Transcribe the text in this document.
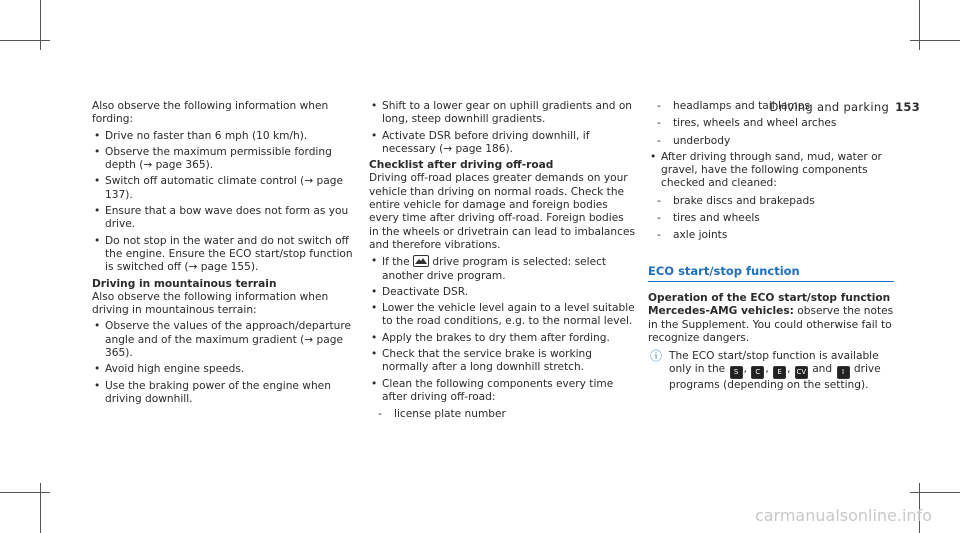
Driving and parking 153

Also observe the following information when fording:

• Drive no faster than 6 mph (10 km/h).
• Observe the maximum permissible fording depth (→ page 365).
• Switch off automatic climate control (→ page 137).
• Ensure that a bow wave does not form as you drive.
• Do not stop in the water and do not switch off the engine. Ensure the ECO start/stop function is switched off (→ page 155).

Driving in mountainous terrain

Also observe the following information when driving in mountainous terrain:

• Observe the values of the approach/departure angle and of the maximum gradient (→ page 365).
• Avoid high engine speeds.
• Use the braking power of the engine when driving downhill.
• Shift to a lower gear on uphill gradients and on long, steep downhill gradients.
• Activate DSR before driving downhill, if necessary (→ page 186).

Checklist after driving off-road

Driving off-road places greater demands on your vehicle than driving on normal roads. Check the entire vehicle for damage and foreign bodies every time after driving off-road. Foreign bodies in the wheels or drivetrain can lead to imbalances and therefore vibrations.

• If the drive program is selected: select another drive program.
• Deactivate DSR.
• Lower the vehicle level again to a level suitable to the road conditions, e.g. to the normal level.
• Apply the brakes to dry them after fording.
• Check that the service brake is working normally after a long downhill stretch.
• Clean the following components every time after driving off-road:
- license plate number
- headlamps and tail lamps
- tires, wheels and wheel arches
- underbody
• After driving through sand, mud, water or gravel, have the following components checked and cleaned:
- brake discs and brakepads
- tires and wheels
- axle joints
ECO start/stop function

Operation of the ECO start/stop function

Mercedes-AMG vehicles: observe the notes in the Supplement. You could otherwise fail to recognize dangers.

ⓘ The ECO start/stop function is available only in the S , C , E , CV and I drive programs (depending on the setting).
carmanualsonline.info
